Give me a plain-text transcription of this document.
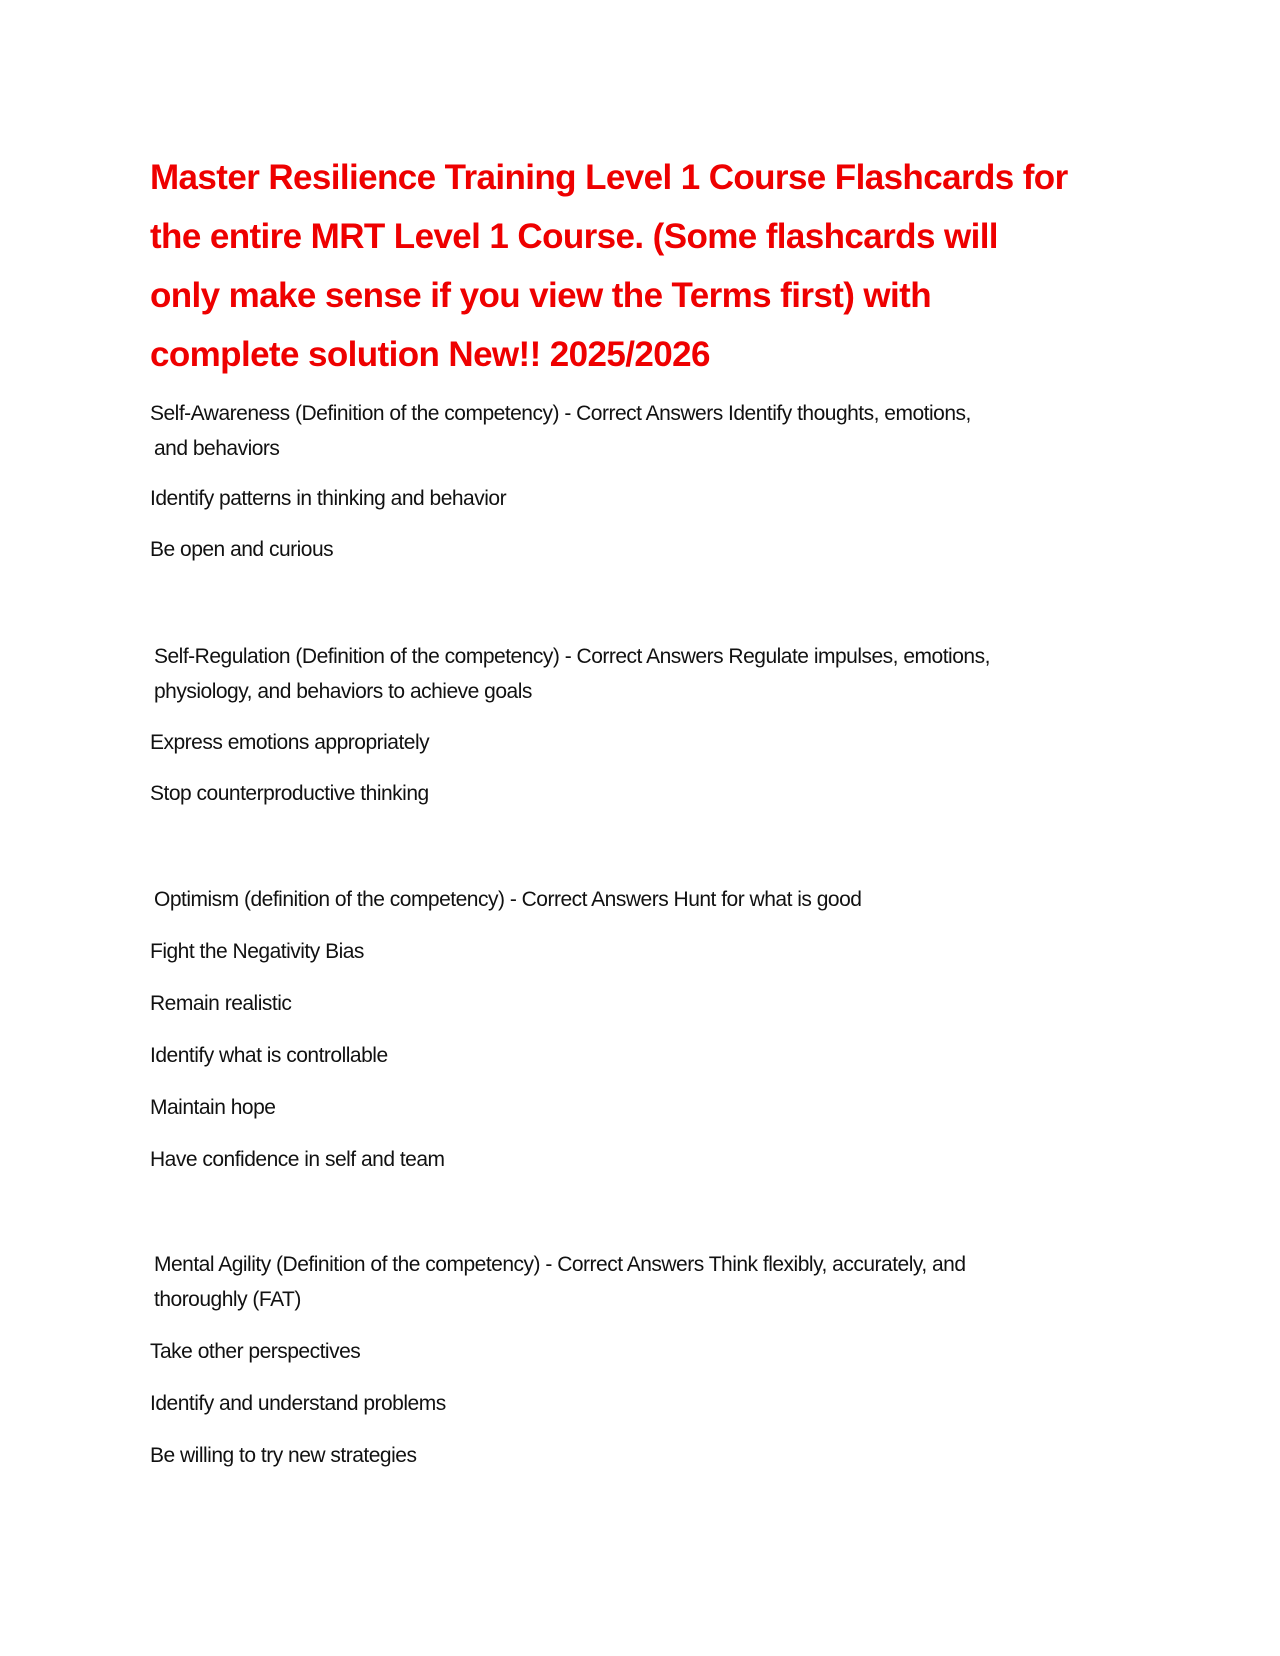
Master Resilience Training Level 1 Course Flashcards for
the entire MRT Level 1 Course. (Some flashcards will
only make sense if you view the Terms first) with
complete solution New!! 2025/2026
Self-Awareness (Definition of the competency) - Correct Answers Identify thoughts, emotions,
and behaviors
Identify patterns in thinking and behavior
Be open and curious
Self-Regulation (Definition of the competency) - Correct Answers Regulate impulses, emotions,
physiology, and behaviors to achieve goals
Express emotions appropriately
Stop counterproductive thinking
Optimism (definition of the competency) - Correct Answers Hunt for what is good
Fight the Negativity Bias
Remain realistic
Identify what is controllable
Maintain hope
Have confidence in self and team
Mental Agility (Definition of the competency) - Correct Answers Think flexibly, accurately, and
thoroughly (FAT)
Take other perspectives
Identify and understand problems
Be willing to try new strategies
